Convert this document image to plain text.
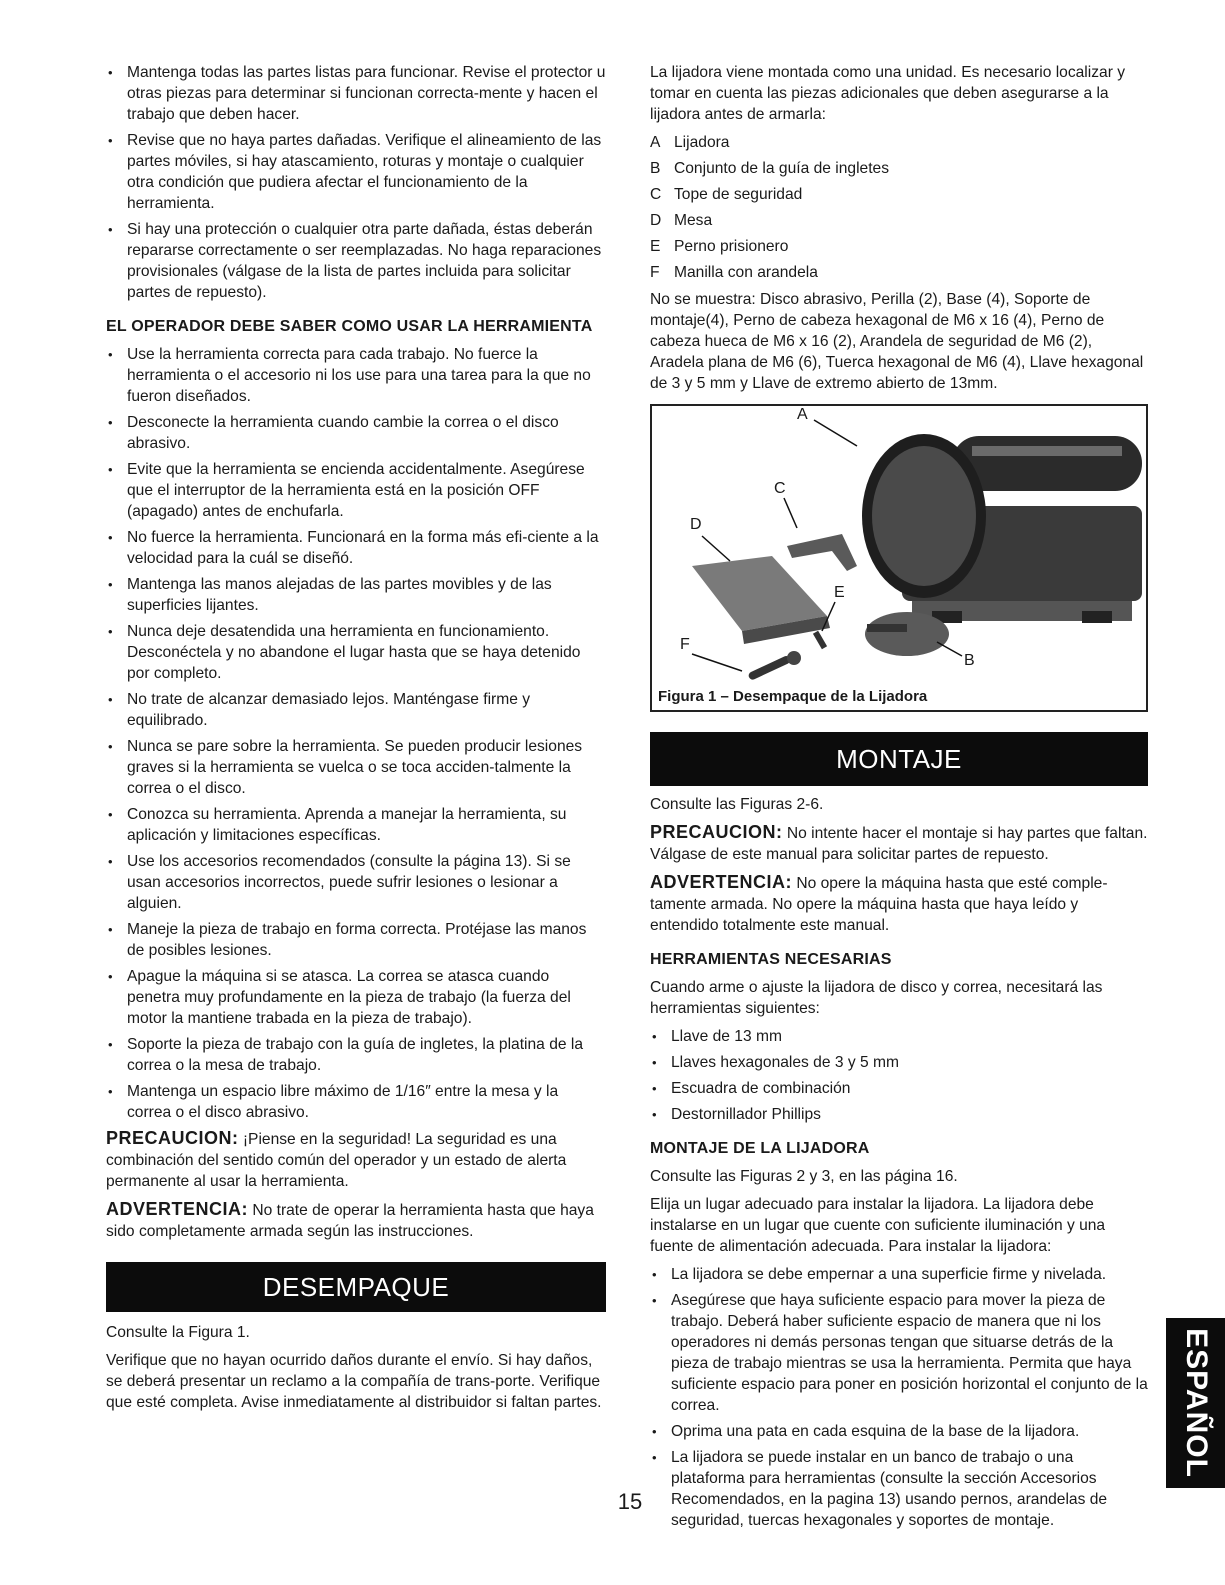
• Mantenga todas las partes listas para funcionar. Revise el protector u otras piezas para determinar si funcionan correcta-mente y hacen el trabajo que deben hacer.
• Revise que no haya partes dañadas. Verifique el alineamiento de las partes móviles, si hay atascamiento, roturas y montaje o cualquier otra condición que pudiera afectar el funcionamiento de la herramienta.
• Si hay una protección o cualquier otra parte dañada, éstas deberán repararse correctamente o ser reemplazadas. No haga reparaciones provisionales (válgase de la lista de partes incluida para solicitar partes de repuesto).
EL OPERADOR DEBE SABER COMO USAR LA HERRAMIENTA
• Use la herramienta correcta para cada trabajo. No fuerce la herramienta o el accesorio ni los use para una tarea para la que no fueron diseñados.
• Desconecte la herramienta cuando cambie la correa o el disco abrasivo.
• Evite que la herramienta se encienda accidentalmente. Asegúrese que el interruptor de la herramienta está en la posición OFF (apagado) antes de enchufarla.
• No fuerce la herramienta. Funcionará en la forma más efi-ciente a la velocidad para la cuál se diseñó.
• Mantenga las manos alejadas de las partes movibles y de las superficies lijantes.
• Nunca deje desatendida una herramienta en funcionamiento. Desconéctela y no abandone el lugar hasta que se haya detenido por completo.
• No trate de alcanzar demasiado lejos. Manténgase firme y equilibrado.
• Nunca se pare sobre la herramienta. Se pueden producir lesiones graves si la herramienta se vuelca o se toca acciden-talmente la correa o el disco.
• Conozca su herramienta. Aprenda a manejar la herramienta, su aplicación y limitaciones específicas.
• Use los accesorios recomendados (consulte la página 13). Si se usan accesorios incorrectos, puede sufrir lesiones o lesionar a alguien.
• Maneje la pieza de trabajo en forma correcta. Protéjase las manos de posibles lesiones.
• Apague la máquina si se atasca. La correa se atasca cuando penetra muy profundamente en la pieza de trabajo (la fuerza del motor la mantiene trabada en la pieza de trabajo).
• Soporte la pieza de trabajo con la guía de ingletes, la platina de la correa o la mesa de trabajo.
• Mantenga un espacio libre máximo de 1/16″ entre la mesa y la correa o el disco abrasivo.

PRECAUCION: ¡Piense en la seguridad! La seguridad es una combinación del sentido común del operador y un estado de alerta permanente al usar la herramienta.

ADVERTENCIA: No trate de operar la herramienta hasta que haya sido completamente armada según las instrucciones.

DESEMPAQUE

Consulte la Figura 1.

Verifique que no hayan ocurrido daños durante el envío. Si hay daños, se deberá presentar un reclamo a la compañía de trans-porte. Verifique que esté completa. Avise inmediatamente al distribuidor si faltan partes.

La lijadora viene montada como una unidad. Es necesario localizar y tomar en cuenta las piezas adicionales que deben asegurarse a la lijadora antes de armarla:

A Lijadora
B Conjunto de la guía de ingletes
C Tope de seguridad
D Mesa
E Perno prisionero
F Manilla con arandela

No se muestra: Disco abrasivo, Perilla (2), Base (4), Soporte de montaje(4), Perno de cabeza hexagonal de M6 x 16 (4), Perno de cabeza hueca de M6 x 16 (2), Arandela de seguridad de M6 (2), Aradela plana de M6 (6), Tuerca hexagonal de M6 (4), Llave hexagonal de 3 y 5 mm y Llave de extremo abierto de 13mm.

A
B
C
D
E
F
Figura 1 – Desempaque de la Lijadora
MONTAJE

Consulte las Figuras 2-6.

PRECAUCION: No intente hacer el montaje si hay partes que faltan. Válgase de este manual para solicitar partes de repuesto.

ADVERTENCIA: No opere la máquina hasta que esté comple-tamente armada. No opere la máquina hasta que haya leído y entendido totalmente este manual.

HERRAMIENTAS NECESARIAS

Cuando arme o ajuste la lijadora de disco y correa, necesitará las herramientas siguientes:

• Llave de 13 mm
• Llaves hexagonales de 3 y 5 mm
• Escuadra de combinación
• Destornillador Phillips
MONTAJE DE LA LIJADORA

Consulte las Figuras 2 y 3, en las página 16.

Elija un lugar adecuado para instalar la lijadora. La lijadora debe instalarse en un lugar que cuente con suficiente iluminación y una fuente de alimentación adecuada. Para instalar la lijadora:

• La lijadora se debe empernar a una superficie firme y nivelada.
• Asegúrese que haya suficiente espacio para mover la pieza de trabajo. Deberá haber suficiente espacio de manera que ni los operadores ni demás personas tengan que situarse detrás de la pieza de trabajo mientras se usa la herramienta. Permita que haya suficiente espacio para poner en posición horizontal el conjunto de la correa.
• Oprima una pata en cada esquina de la base de la lijadora.
• La lijadora se puede instalar en un banco de trabajo o una plataforma para herramientas (consulte la sección Accesorios Recomendados, en la pagina 13) usando pernos, arandelas de seguridad, tuercas hexagonales y soportes de montaje.
15
ESPAÑOL
